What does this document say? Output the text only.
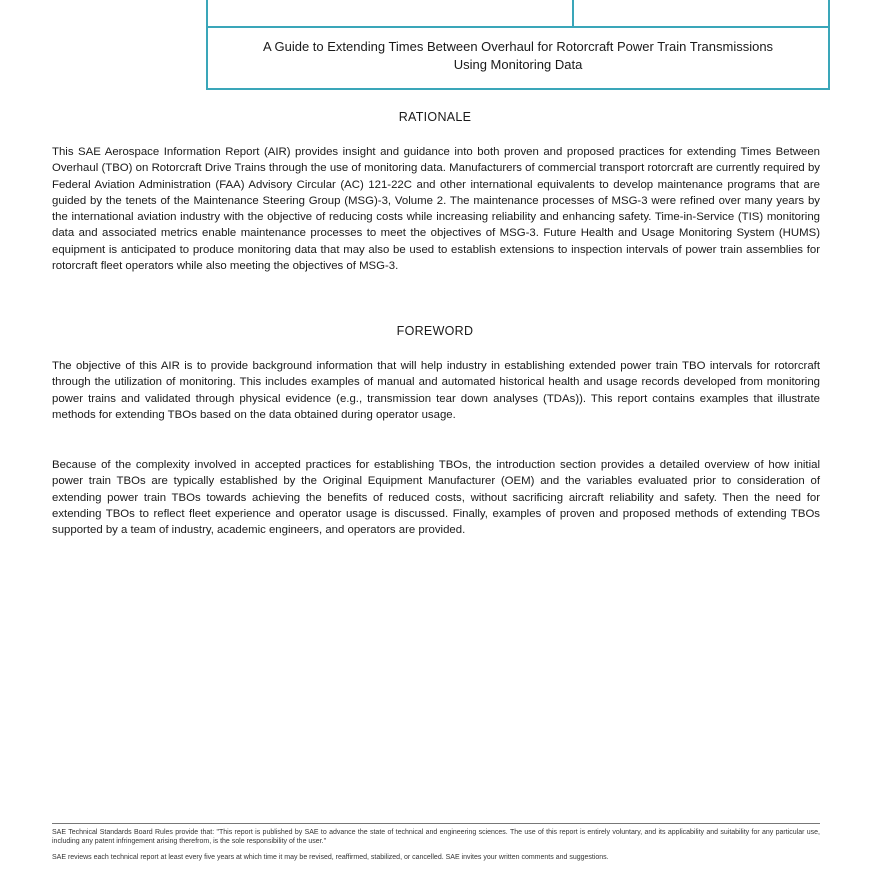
A Guide to Extending Times Between Overhaul for Rotorcraft Power Train Transmissions Using Monitoring Data
RATIONALE

This SAE Aerospace Information Report (AIR) provides insight and guidance into both proven and proposed practices for extending Times Between Overhaul (TBO) on Rotorcraft Drive Trains through the use of monitoring data. Manufacturers of commercial transport rotorcraft are currently required by Federal Aviation Administration (FAA) Advisory Circular (AC) 121-22C and other international equivalents to develop maintenance programs that are guided by the tenets of the Maintenance Steering Group (MSG)-3, Volume 2. The maintenance processes of MSG-3 were refined over many years by the international aviation industry with the objective of reducing costs while increasing reliability and enhancing safety. Time-in-Service (TIS) monitoring data and associated metrics enable maintenance processes to meet the objectives of MSG-3. Future Health and Usage Monitoring System (HUMS) equipment is anticipated to produce monitoring data that may also be used to establish extensions to inspection intervals of power train assemblies for rotorcraft fleet operators while also meeting the objectives of MSG-3.

FOREWORD

The objective of this AIR is to provide background information that will help industry in establishing extended power train TBO intervals for rotorcraft through the utilization of monitoring. This includes examples of manual and automated historical health and usage records developed from monitoring power trains and validated through physical evidence (e.g., transmission tear down analyses (TDAs)). This report contains examples that illustrate methods for extending TBOs based on the data obtained during operator usage.

Because of the complexity involved in accepted practices for establishing TBOs, the introduction section provides a detailed overview of how initial power train TBOs are typically established by the Original Equipment Manufacturer (OEM) and the variables evaluated prior to consideration of extending power train TBOs towards achieving the benefits of reduced costs, without sacrificing aircraft reliability and safety. Then the need for extending TBOs to reflect fleet experience and operator usage is discussed. Finally, examples of proven and proposed methods of extending TBOs supported by a team of industry, academic engineers, and operators are provided.

SAE Technical Standards Board Rules provide that: "This report is published by SAE to advance the state of technical and engineering sciences. The use of this report is entirely voluntary, and its applicability and suitability for any particular use, including any patent infringement arising therefrom, is the sole responsibility of the user."

SAE reviews each technical report at least every five years at which time it may be revised, reaffirmed, stabilized, or cancelled. SAE invites your written comments and suggestions.
